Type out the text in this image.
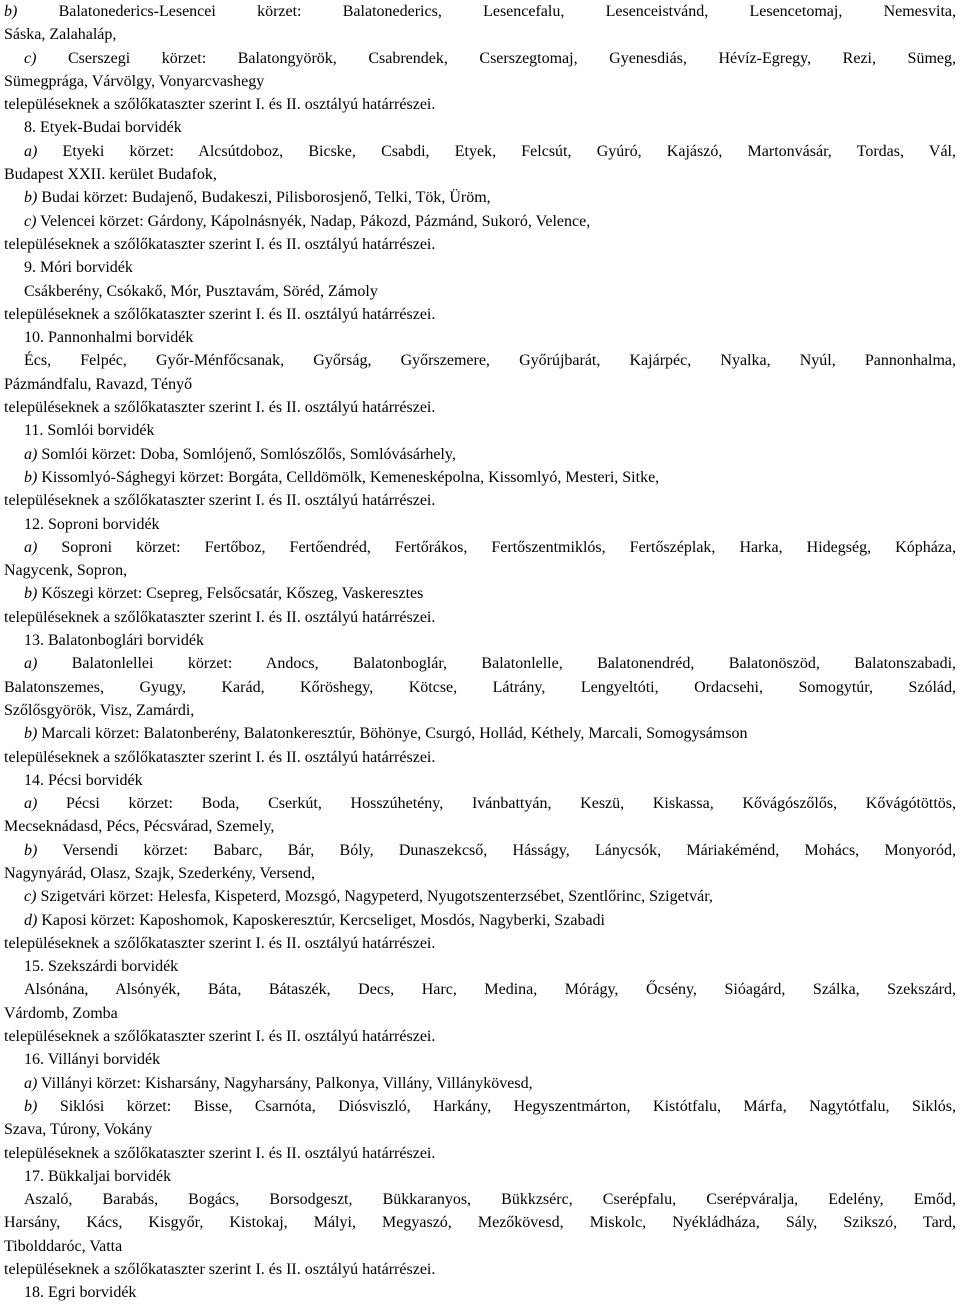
b)	Balatonederics-Lesencei körzet: Balatonederics, Lesencefalu, Lesenceistvánd, Lesencetomaj, Nemesvita,

Sáska, Zalahaláp,

c) Cserszegi körzet: Balatongyörök, Csabrendek, Cserszegtomaj, Gyenesdiás, Hévíz-Egregy, Rezi, Sümeg,

Sümegprága, Várvölgy, Vonyarcvashegy

településeknek a szőlőkataszter szerint I. és II. osztályú határrészei.

8. Etyek-Budai borvidék

a) Etyeki körzet: Alcsútdoboz, Bicske, Csabdi, Etyek, Felcsút, Gyúró, Kajászó, Martonvásár, Tordas, Vál,

Budapest XXII. kerület Budafok,

b) Budai körzet: Budajenő, Budakeszi, Pilisborosjenő, Telki, Tök, Üröm,

c) Velencei körzet: Gárdony, Kápolnásnyék, Nadap, Pákozd, Pázmánd, Sukoró, Velence,

településeknek a szőlőkataszter szerint I. és II. osztályú határrészei.

9. Móri borvidék

Csákberény, Csókakő, Mór, Pusztavám, Söréd, Zámoly

településeknek a szőlőkataszter szerint I. és II. osztályú határrészei.

10. Pannonhalmi borvidék

Écs, Felpéc, Győr-Ménfőcsanak, Győrság, Győrszemere, Győrújbarát, Kajárpéc, Nyalka, Nyúl, Pannonhalma,

Pázmándfalu, Ravazd, Tényő

településeknek a szőlőkataszter szerint I. és II. osztályú határrészei.

11. Somlói borvidék

a) Somlói körzet: Doba, Somlójenő, Somlószőlős, Somlóvásárhely,

b) Kissomlyó-Sághegyi körzet: Borgáta, Celldömölk, Kemenesképolna, Kissomlyó, Mesteri, Sitke,

településeknek a szőlőkataszter szerint I. és II. osztályú határrészei.

12. Soproni borvidék

a) Soproni körzet: Fertőboz, Fertőendréd, Fertőrákos, Fertőszentmiklós, Fertőszéplak, Harka, Hidegség, Kópháza,

Nagycenk, Sopron,

b) Kőszegi körzet: Csepreg, Felsőcsatár, Kőszeg, Vaskeresztes

településeknek a szőlőkataszter szerint I. és II. osztályú határrészei.

13. Balatonboglári borvidék

a) Balatonlellei körzet: Andocs, Balatonboglár, Balatonlelle, Balatonendréd, Balatonöszöd, Balatonszabadi,

Balatonszemes, Gyugy, Karád, Kőröshegy, Kötcse, Látrány, Lengyeltóti, Ordacsehi, Somogytúr, Szólád,

Szőlősgyörök, Visz, Zamárdi,

b) Marcali körzet: Balatonberény, Balatonkeresztúr, Böhönye, Csurgó, Hollád, Kéthely, Marcali, Somogysámson

településeknek a szőlőkataszter szerint I. és II. osztályú határrészei.

14. Pécsi borvidék

a) Pécsi körzet: Boda, Cserkút, Hosszúhetény, Ivánbattyán, Keszü, Kiskassa, Kővágószőlős, Kővágótöttös,

Mecseknádasd, Pécs, Pécsvárad, Szemely,

b) Versendi körzet: Babarc, Bár, Bóly, Dunaszekcső, Hásságy, Lánycsók, Máriakéménd, Mohács, Monyoród,

Nagynyárád, Olasz, Szajk, Szederkény, Versend,

c) Szigetvári körzet: Helesfa, Kispeterd, Mozsgó, Nagypeterd, Nyugotszenterzsébet, Szentlőrinc, Szigetvár,

d) Kaposi körzet: Kaposhomok, Kaposkeresztúr, Kercseliget, Mosdós, Nagyberki, Szabadi

településeknek a szőlőkataszter szerint I. és II. osztályú határrészei.

15. Szekszárdi borvidék

Alsónána, Alsónyék, Báta, Bátaszék, Decs, Harc, Medina, Mórágy, Őcsény, Sióagárd, Szálka, Szekszárd,

Várdomb, Zomba

településeknek a szőlőkataszter szerint I. és II. osztályú határrészei.

16. Villányi borvidék

a) Villányi körzet: Kisharsány, Nagyharsány, Palkonya, Villány, Villánykövesd,

b) Siklósi körzet: Bisse, Csarnóta, Diósviszló, Harkány, Hegyszentmárton, Kistótfalu, Márfa, Nagytótfalu, Siklós,

Szava, Túrony, Vokány

településeknek a szőlőkataszter szerint I. és II. osztályú határrészei.

17. Bükkaljai borvidék

Aszaló, Barabás, Bogács, Borsodgeszt, Bükkaranyos, Bükkzsérc, Cserépfalu, Cserépváralja, Edelény, Emőd,

Harsány, Kács, Kisgyőr, Kistokaj, Mályi, Megyaszó, Mezőkövesd, Miskolc, Nyékládháza, Sály, Szikszó, Tard,

Tibolddaróc, Vatta

településeknek a szőlőkataszter szerint I. és II. osztályú határrészei.

18. Egri borvidék
